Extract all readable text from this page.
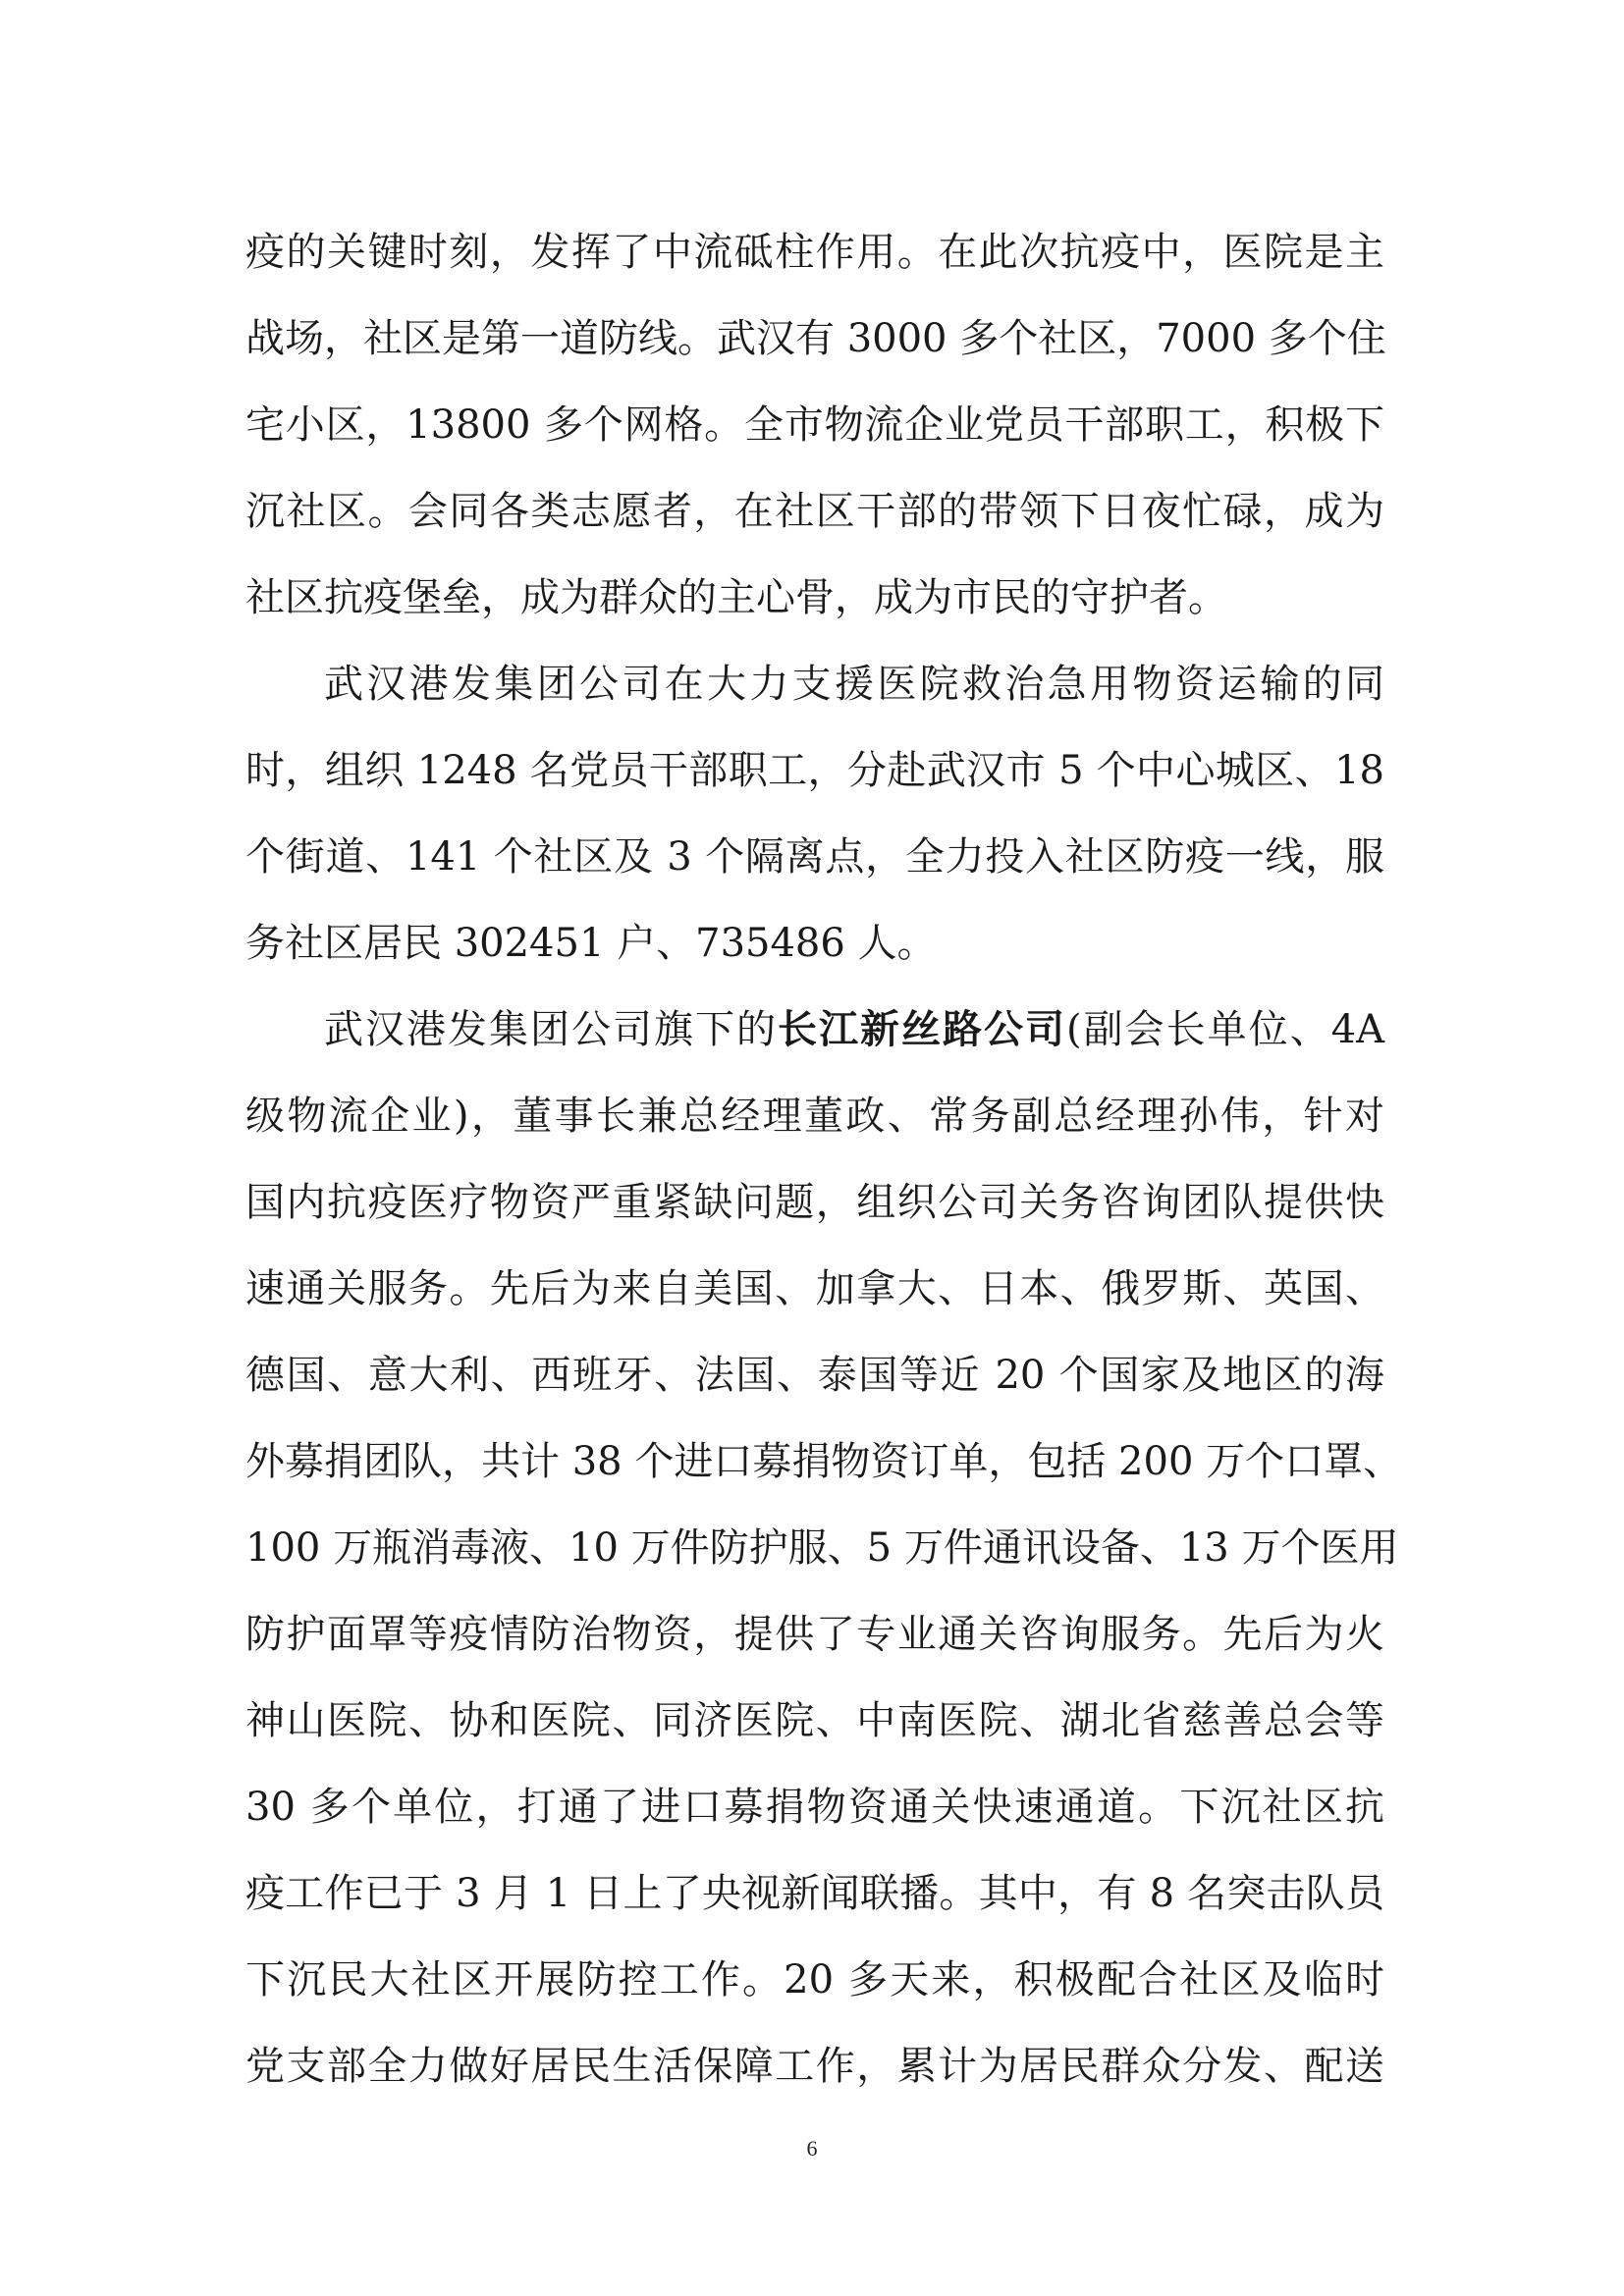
疫的关键时刻，发挥了中流砥柱作用。在此次抗疫中，医院是主
战场，社区是第一道防线。武汉有 3000 多个社区，7000 多个住
宅小区，13800 多个网格。全市物流企业党员干部职工，积极下
沉社区。会同各类志愿者，在社区干部的带领下日夜忙碌，成为
社区抗疫堡垒，成为群众的主心骨，成为市民的守护者。
武汉港发集团公司在大力支援医院救治急用物资运输的同
时，组织 1248 名党员干部职工，分赴武汉市 5 个中心城区、18
个街道、141 个社区及 3 个隔离点，全力投入社区防疫一线，服
务社区居民 302451 户、735486 人。
武汉港发集团公司旗下的长江新丝路公司(副会长单位、4A
级物流企业)，董事长兼总经理董政、常务副总经理孙伟，针对
国内抗疫医疗物资严重紧缺问题，组织公司关务咨询团队提供快
速通关服务。先后为来自美国、加拿大、日本、俄罗斯、英国、
德国、意大利、西班牙、法国、泰国等近 20 个国家及地区的海
外募捐团队，共计 38 个进口募捐物资订单，包括 200 万个口罩、
100 万瓶消毒液、10 万件防护服、5 万件通讯设备、13 万个医用
防护面罩等疫情防治物资，提供了专业通关咨询服务。先后为火
神山医院、协和医院、同济医院、中南医院、湖北省慈善总会等
30 多个单位，打通了进口募捐物资通关快速通道。下沉社区抗
疫工作已于 3 月 1 日上了央视新闻联播。其中，有 8 名突击队员
下沉民大社区开展防控工作。20 多天来，积极配合社区及临时
党支部全力做好居民生活保障工作，累计为居民群众分发、配送
6
